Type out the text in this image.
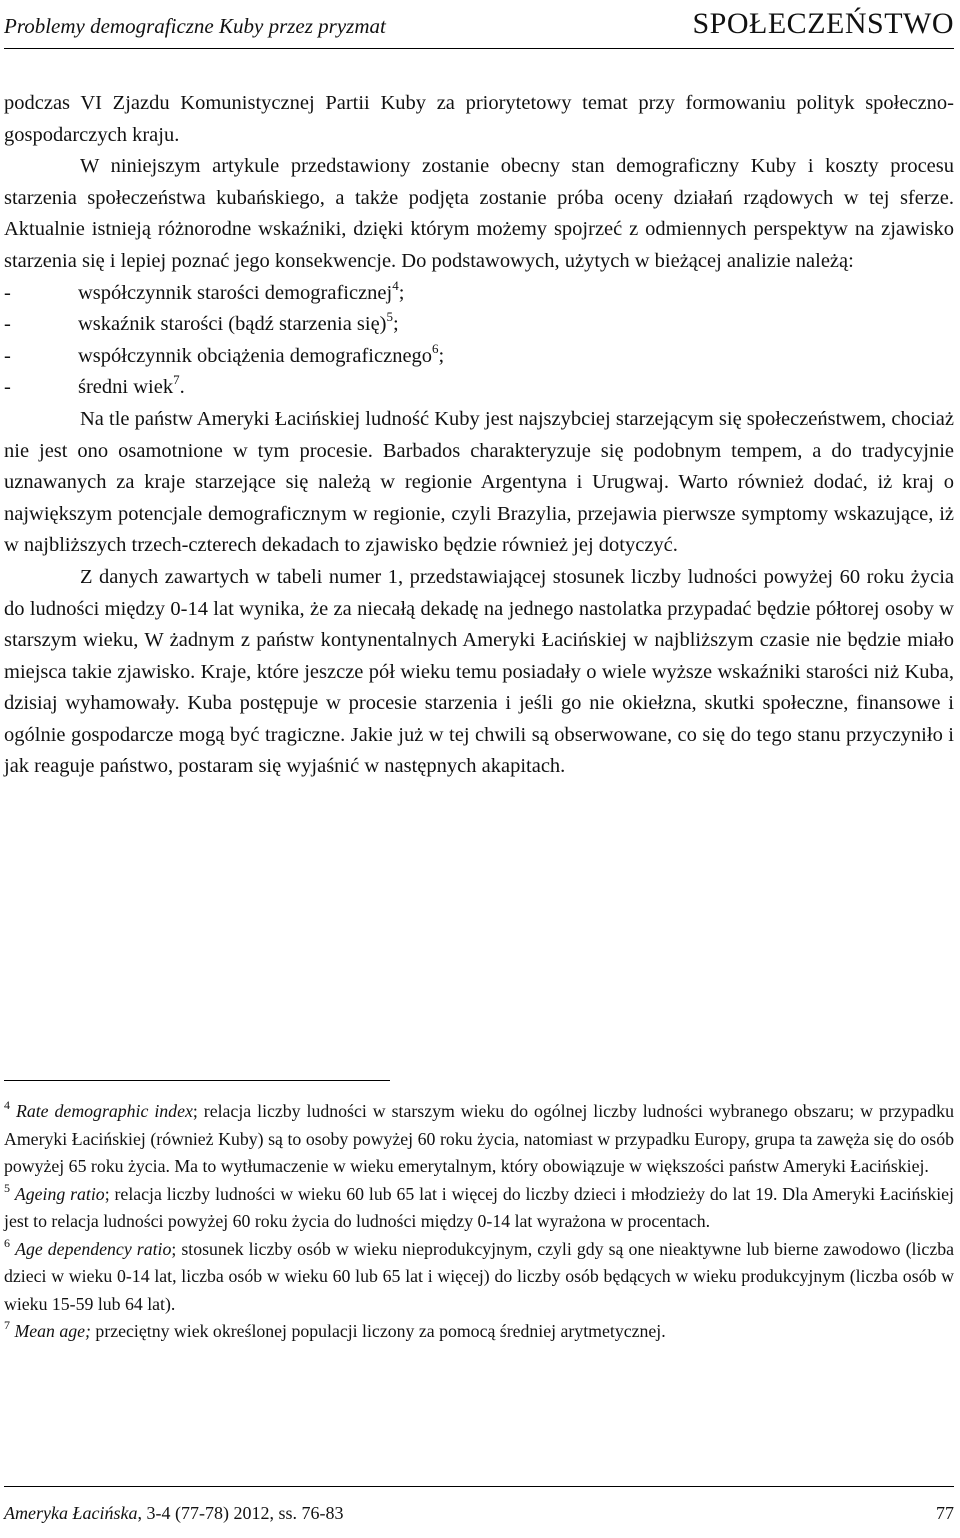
Problemy demograficzne Kuby przez pryzmat	SPOŁECZEŃSTWO

podczas VI Zjazdu Komunistycznej Partii Kuby za priorytetowy temat przy formowaniu polityk społeczno-gospodarczych kraju.

W niniejszym artykule przedstawiony zostanie obecny stan demograficzny Kuby i koszty procesu starzenia społeczeństwa kubańskiego, a także podjęta zostanie próba oceny działań rządowych w tej sferze. Aktualnie istnieją różnorodne wskaźniki, dzięki którym możemy spojrzeć z odmiennych perspektyw na zjawisko starzenia się i lepiej poznać jego konsekwencje. Do podstawowych, użytych w bieżącej analizie należą:

-	współczynnik starości demograficznej$^4$;
-	wskaźnik starości (bądź starzenia się)$^5$;
-	współczynnik obciążenia demograficznego$^6$;
-	średni wiek$^7$.

Na tle państw Ameryki Łacińskiej ludność Kuby jest najszybciej starzejącym się społeczeństwem, chociaż nie jest ono osamotnione w tym procesie. Barbados charakteryzuje się podobnym tempem, a do tradycyjnie uznawanych za kraje starzejące się należą w regionie Argentyna i Urugwaj. Warto również dodać, iż kraj o największym potencjale demograficznym w regionie, czyli Brazylia, przejawia pierwsze symptomy wskazujące, iż w najbliższych trzech-czterech dekadach to zjawisko będzie również jej dotyczyć.

Z danych zawartych w tabeli numer 1, przedstawiającej stosunek liczby ludności powyżej 60 roku życia do ludności między 0-14 lat wynika, że za niecałą dekadę na jednego nastolatka przypadać będzie półtorej osoby w starszym wieku, W żadnym z państw kontynentalnych Ameryki Łacińskiej w najbliższym czasie nie będzie miało miejsca takie zjawisko. Kraje, które jeszcze pół wieku temu posiadały o wiele wyższe wskaźniki starości niż Kuba, dzisiaj wyhamowały. Kuba postępuje w procesie starzenia i jeśli go nie okiełzna, skutki społeczne, finansowe i ogólnie gospodarcze mogą być tragiczne. Jakie już w tej chwili są obserwowane, co się do tego stanu przyczyniło i jak reaguje państwo, postaram się wyjaśnić w następnych akapitach.

$^4$ Rate demographic index; relacja liczby ludności w starszym wieku do ogólnej liczby ludności wybranego obszaru; w przypadku Ameryki Łacińskiej (również Kuby) są to osoby powyżej 60 roku życia, natomiast w przypadku Europy, grupa ta zawęża się do osób powyżej 65 roku życia. Ma to wytłumaczenie w wieku emerytalnym, który obowiązuje w większości państw Ameryki Łacińskiej.

$^5$ Ageing ratio; relacja liczby ludności w wieku 60 lub 65 lat i więcej do liczby dzieci i młodzieży do lat 19. Dla Ameryki Łacińskiej jest to relacja ludności powyżej 60 roku życia do ludności między 0-14 lat wyrażona w procentach.

$^6$ Age dependency ratio; stosunek liczby osób w wieku nieprodukcyjnym, czyli gdy są one nieaktywne lub bierne zawodowo (liczba dzieci w wieku 0-14 lat, liczba osób w wieku 60 lub 65 lat i więcej) do liczby osób będących w wieku produkcyjnym (liczba osób w wieku 15-59 lub 64 lat).

$^7$ Mean age; przeciętny wiek określonej populacji liczony za pomocą średniej arytmetycznej.

Ameryka Łacińska, 3-4 (77-78) 2012, ss. 76-83	77
